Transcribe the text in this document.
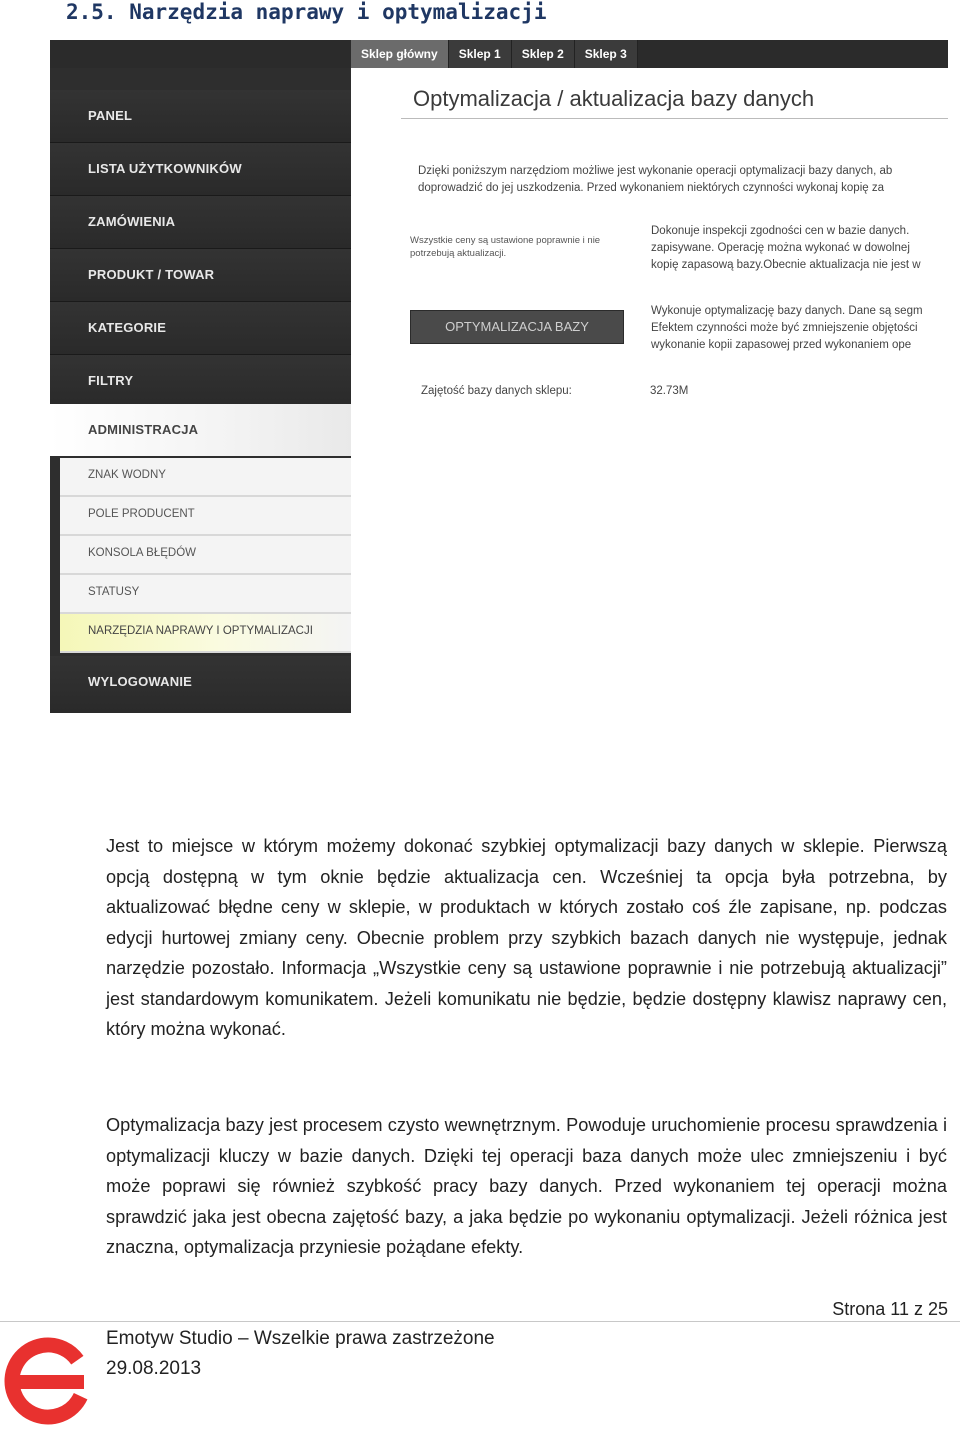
2.5. Narzędzia naprawy i optymalizacji
Sklep główny	Sklep 1	Sklep 2	Sklep 3
PANEL
LISTA UŻYTKOWNIKÓW
ZAMÓWIENIA
PRODUKT / TOWAR
KATEGORIE
FILTRY
ADMINISTRACJA
ZNAK WODNY
POLE PRODUCENT
KONSOLA BŁĘDÓW
STATUSY
NARZĘDZIA NAPRAWY I OPTYMALIZACJI
WYLOGOWANIE
Optymalizacja / aktualizacja bazy danych
Dzięki poniższym narzędziom możliwe jest wykonanie operacji optymalizacji bazy danych, ab
doprowadzić do jej uszkodzenia. Przed wykonaniem niektórych czynności wykonaj kopię za
Wszystkie ceny są ustawione poprawnie i nie
potrzebują aktualizacji.
Dokonuje inspekcji zgodności cen w bazie danych.
zapisywane. Operację można wykonać w dowolnej
kopię zapasową bazy.Obecnie aktualizacja nie jest w
Wykonuje optymalizację bazy danych. Dane są segm
Efektem czynności może być zmniejszenie objętości
wykonanie kopii zapasowej przed wykonaniem ope
OPTYMALIZACJA BAZY
Zajętość bazy danych sklepu:	32.73M
Jest to miejsce w którym możemy dokonać szybkiej optymalizacji bazy danych w sklepie. Pierwszą opcją dostępną w tym oknie będzie aktualizacja cen. Wcześniej ta opcja była potrzebna, by aktualizować błędne ceny w sklepie, w produktach w których zostało coś źle zapisane, np. podczas edycji hurtowej zmiany ceny. Obecnie problem przy szybkich bazach danych nie występuje, jednak narzędzie pozostało. Informacja „Wszystkie ceny są ustawione poprawnie i nie potrzebują aktualizacji” jest standardowym komunikatem. Jeżeli komunikatu nie będzie, będzie dostępny klawisz naprawy cen, który można wykonać.
Optymalizacja bazy jest procesem czysto wewnętrznym. Powoduje uruchomienie procesu sprawdzenia i optymalizacji kluczy w bazie danych. Dzięki tej operacji baza danych może ulec zmniejszeniu i być może poprawi się również szybkość pracy bazy danych. Przed wykonaniem tej operacji można sprawdzić jaka jest obecna zajętość bazy, a jaka będzie po wykonaniu optymalizacji. Jeżeli różnica jest znaczna, optymalizacja przyniesie pożądane efekty.
Strona 11 z 25
Emotyw Studio – Wszelkie prawa zastrzeżone
29.08.2013
